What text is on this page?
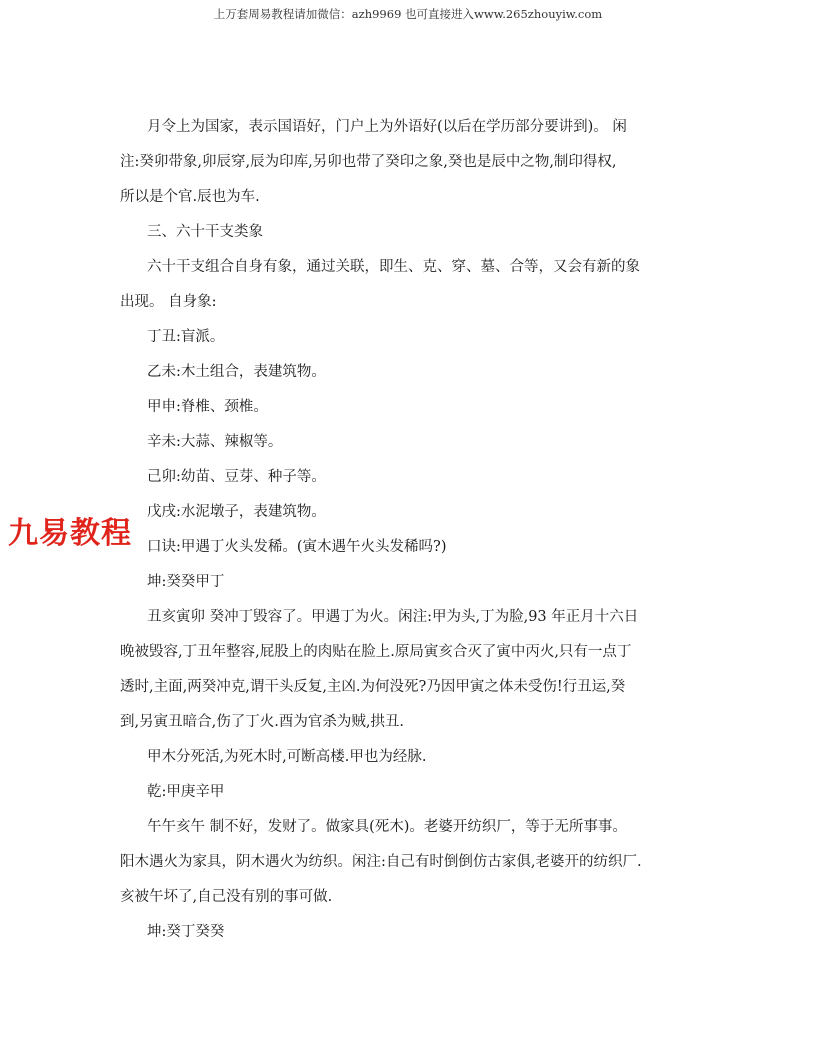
上万套周易教程请加微信：azh9969 也可直接进入www.265zhouyiw.com
月令上为国家，表示国语好，门户上为外语好(以后在学历部分要讲到)。 闲
注:癸卯带象,卯辰穿,辰为印库,另卯也带了癸印之象,癸也是辰中之物,制印得权,
所以是个官.辰也为车.
三、六十干支类象
六十干支组合自身有象，通过关联，即生、克、穿、墓、合等，又会有新的象
出现。 自身象:
丁丑:盲派。
乙未:木土组合，表建筑物。
甲申:脊椎、颈椎。
辛未:大蒜、辣椒等。
己卯:幼苗、豆芽、种子等。
戊戌:水泥墩子，表建筑物。
口诀:甲遇丁火头发稀。(寅木遇午火头发稀吗?)
坤:癸癸甲丁
丑亥寅卯 癸冲丁毁容了。甲遇丁为火。闲注:甲为头,丁为脸,93 年正月十六日
晚被毁容,丁丑年整容,屁股上的肉贴在脸上.原局寅亥合灭了寅中丙火,只有一点丁
透时,主面,两癸冲克,谓干头反复,主凶.为何没死?乃因甲寅之体未受伤!行丑运,癸
到,另寅丑暗合,伤了丁火.酉为官杀为贼,拱丑.
甲木分死活,为死木时,可断高楼.甲也为经脉.
乾:甲庚辛甲
午午亥午 制不好，发财了。做家具(死木)。老婆开纺织厂，等于无所事事。
阳木遇火为家具，阴木遇火为纺织。闲注:自己有时倒倒仿古家俱,老婆开的纺织厂.
亥被午坏了,自己没有别的事可做.
坤:癸丁癸癸
九易教程
